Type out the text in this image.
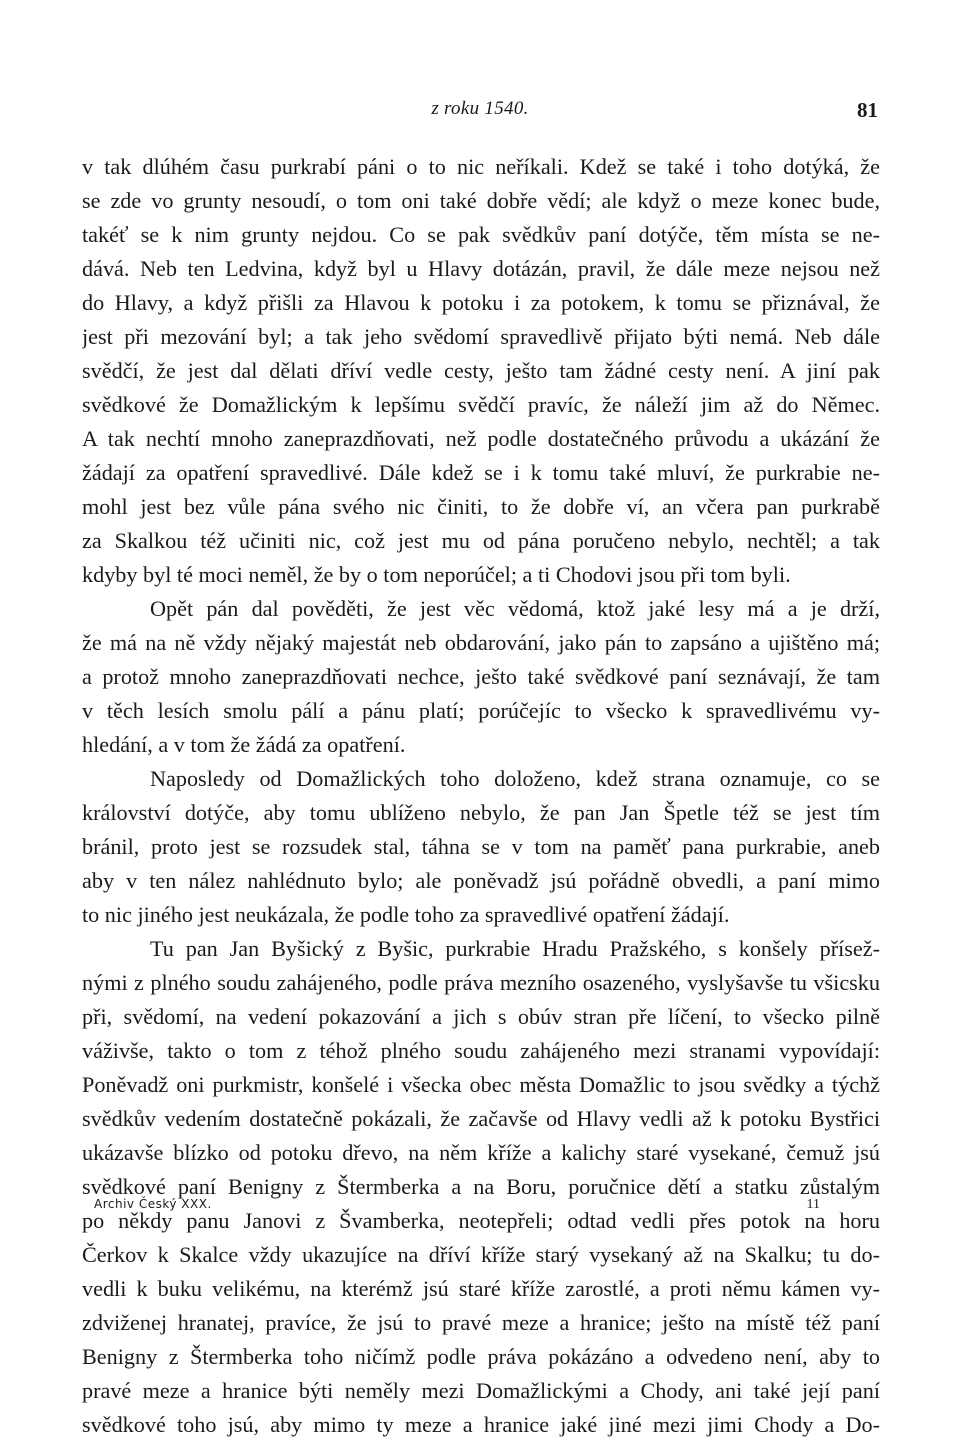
z roku 1540.	81
v tak dlúhém času purkrabí páni o to nic neříkali. Kdež se také i toho dotýká, že
se zde vo grunty nesoudí, o tom oni také dobře vědí; ale když o meze konec bude,
takéť se k nim grunty nejdou. Co se pak svědkův paní dotýče, těm místa se ne-
dává. Neb ten Ledvina, když byl u Hlavy dotázán, pravil, že dále meze nejsou než
do Hlavy, a když přišli za Hlavou k potoku i za potokem, k tomu se přiznával, že
jest při mezování byl; a tak jeho svědomí spravedlivě přijato býti nemá. Neb dále
svědčí, že jest dal dělati dříví vedle cesty, ješto tam žádné cesty není. A jiní pak
svědkové že Domažlickým k lepšímu svědčí pravíc, že náleží jim až do Němec.
A tak nechtí mnoho zaneprazdňovati, než podle dostatečného průvodu a ukázání že
žádají za opatření spravedlivé. Dále kdež se i k tomu také mluví, že purkrabie ne-
mohl jest bez vůle pána svého nic činiti, to že dobře ví, an včera pan purkrabě
za Skalkou též učiniti nic, což jest mu od pána poručeno nebylo, nechtěl; a tak
kdyby byl té moci neměl, že by o tom neporúčel; a ti Chodovi jsou při tom byli.
Opět pán dal pověděti, že jest věc vědomá, ktož jaké lesy má a je drží,
že má na ně vždy nějaký majestát neb obdarování, jako pán to zapsáno a ujištěno má;
a protož mnoho zaneprazdňovati nechce, ješto také svědkové paní seznávají, že tam
v těch lesích smolu pálí a pánu platí; porúčejíc to všecko k spravedlivému vy-
hledání, a v tom že žádá za opatření.
Naposledy od Domažlických toho doloženo, kdež strana oznamuje, co se
království dotýče, aby tomu ublíženo nebylo, že pan Jan Špetle též se jest tím
bránil, proto jest se rozsudek stal, táhna se v tom na paměť pana purkrabie, aneb
aby v ten nález nahlédnuto bylo; ale poněvadž jsú pořádně obvedli, a paní mimo
to nic jiného jest neukázala, že podle toho za spravedlivé opatření žádají.
Tu pan Jan Byšický z Byšic, purkrabie Hradu Pražského, s konšely přísež-
nými z plného soudu zahájeného, podle práva mezního osazeného, vyslyšavše tu všicsku
při, svědomí, na vedení pokazování a jich s obúv stran pře líčení, to všecko pilně
váživše, takto o tom z téhož plného soudu zahájeného mezi stranami vypovídají:
Poněvadž oni purkmistr, konšelé i všecka obec města Domažlic to jsou svědky a týchž
svědkův vedením dostatečně pokázali, že začavše od Hlavy vedli až k potoku Bystřici
ukázavše blízko od potoku dřevo, na něm kříže a kalichy staré vysekané, čemuž jsú
svědkové paní Benigny z Štermberka a na Boru, poručnice dětí a statku zůstalým
po někdy panu Janovi z Švamberka, neotepřeli; odtad vedli přes potok na horu
Čerkov k Skalce vždy ukazujíce na dříví kříže starý vysekaný až na Skalku; tu do-
vedli k buku velikému, na kterémž jsú staré kříže zarostlé, a proti němu kámen vy-
zdviženej hranatej, pravíce, že jsú to pravé meze a hranice; ješto na místě též paní
Benigny z Štermberka toho ničímž podle práva pokázáno a odvedeno není, aby to
pravé meze a hranice býti neměly mezi Domažlickými a Chody, ani také její paní
svědkové toho jsú, aby mimo ty meze a hranice jaké jiné mezi jimi Chody a Do-
Archiv Český XXX.	11
